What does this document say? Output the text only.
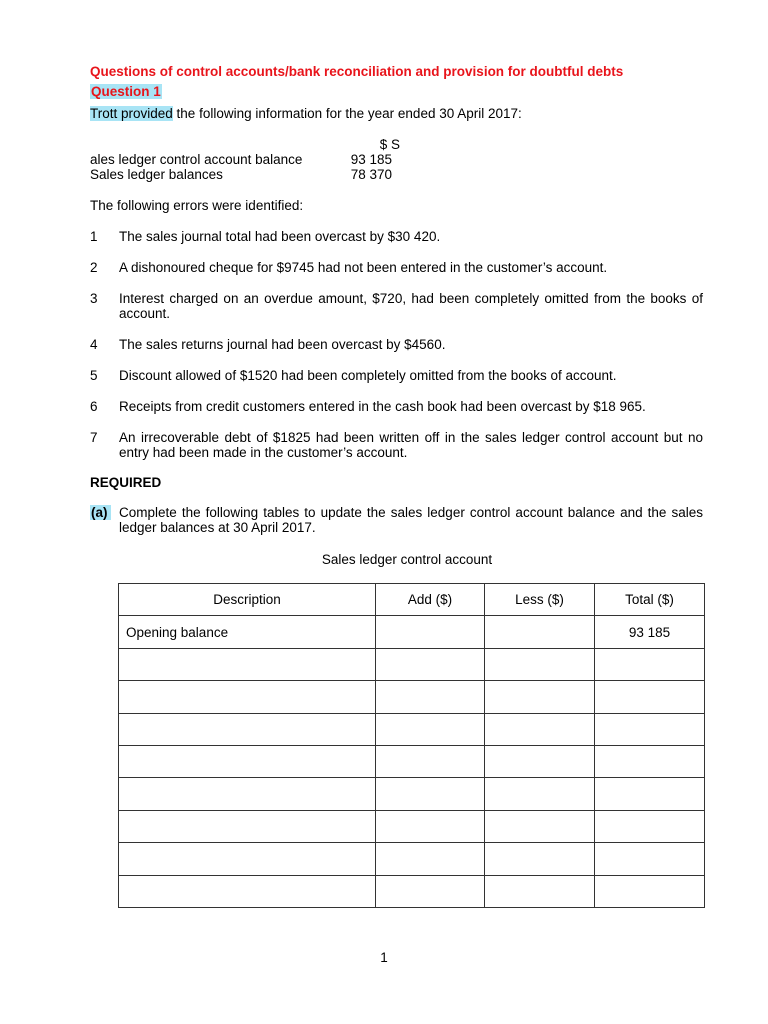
Questions of control accounts/bank reconciliation and provision for doubtful debts
Question 1
Trott provided the following information for the year ended 30 April 2017:
$ S
ales ledger control account balance	93 185
Sales ledger balances	78 370
The following errors were identified:
1 The sales journal total had been overcast by $30 420.
2 A dishonoured cheque for $9745 had not been entered in the customer’s account.
3 Interest charged on an overdue amount, $720, had been completely omitted from the books of account.
4 The sales returns journal had been overcast by $4560.
5 Discount allowed of $1520 had been completely omitted from the books of account.
6 Receipts from credit customers entered in the cash book had been overcast by $18 965.
7 An irrecoverable debt of $1825 had been written off in the sales ledger control account but no entry had been made in the customer’s account.
REQUIRED
(a) Complete the following tables to update the sales ledger control account balance and the sales ledger balances at 30 April 2017.
Sales ledger control account
Description	Add ($)	Less ($)	Total ($)
Opening balance			93 185

1
